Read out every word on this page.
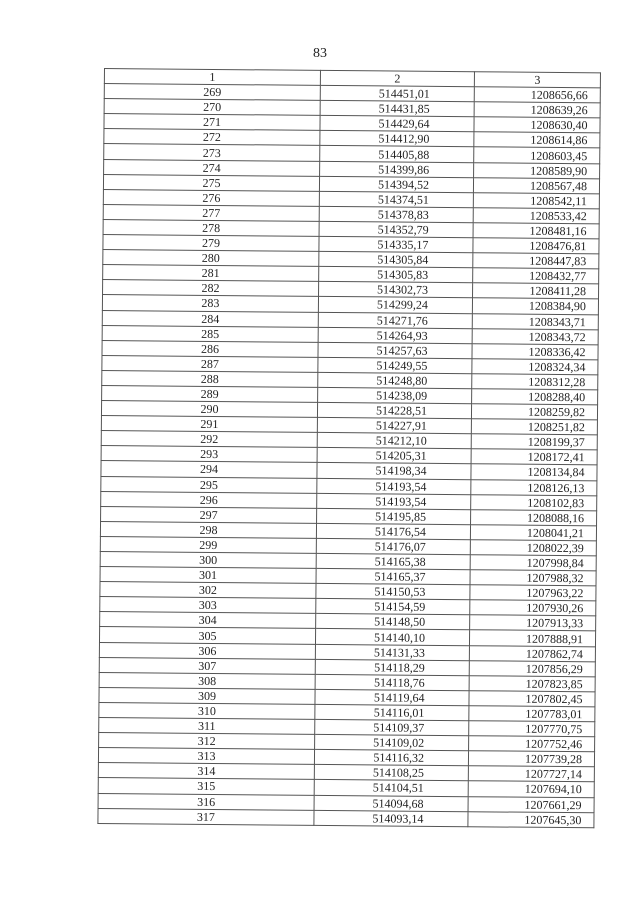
83
1	2	3
269	514451,01	1208656,66
270	514431,85	1208639,26
271	514429,64	1208630,40
272	514412,90	1208614,86
273	514405,88	1208603,45
274	514399,86	1208589,90
275	514394,52	1208567,48
276	514374,51	1208542,11
277	514378,83	1208533,42
278	514352,79	1208481,16
279	514335,17	1208476,81
280	514305,84	1208447,83
281	514305,83	1208432,77
282	514302,73	1208411,28
283	514299,24	1208384,90
284	514271,76	1208343,71
285	514264,93	1208343,72
286	514257,63	1208336,42
287	514249,55	1208324,34
288	514248,80	1208312,28
289	514238,09	1208288,40
290	514228,51	1208259,82
291	514227,91	1208251,82
292	514212,10	1208199,37
293	514205,31	1208172,41
294	514198,34	1208134,84
295	514193,54	1208126,13
296	514193,54	1208102,83
297	514195,85	1208088,16
298	514176,54	1208041,21
299	514176,07	1208022,39
300	514165,38	1207998,84
301	514165,37	1207988,32
302	514150,53	1207963,22
303	514154,59	1207930,26
304	514148,50	1207913,33
305	514140,10	1207888,91
306	514131,33	1207862,74
307	514118,29	1207856,29
308	514118,76	1207823,85
309	514119,64	1207802,45
310	514116,01	1207783,01
311	514109,37	1207770,75
312	514109,02	1207752,46
313	514116,32	1207739,28
314	514108,25	1207727,14
315	514104,51	1207694,10
316	514094,68	1207661,29
317	514093,14	1207645,30
